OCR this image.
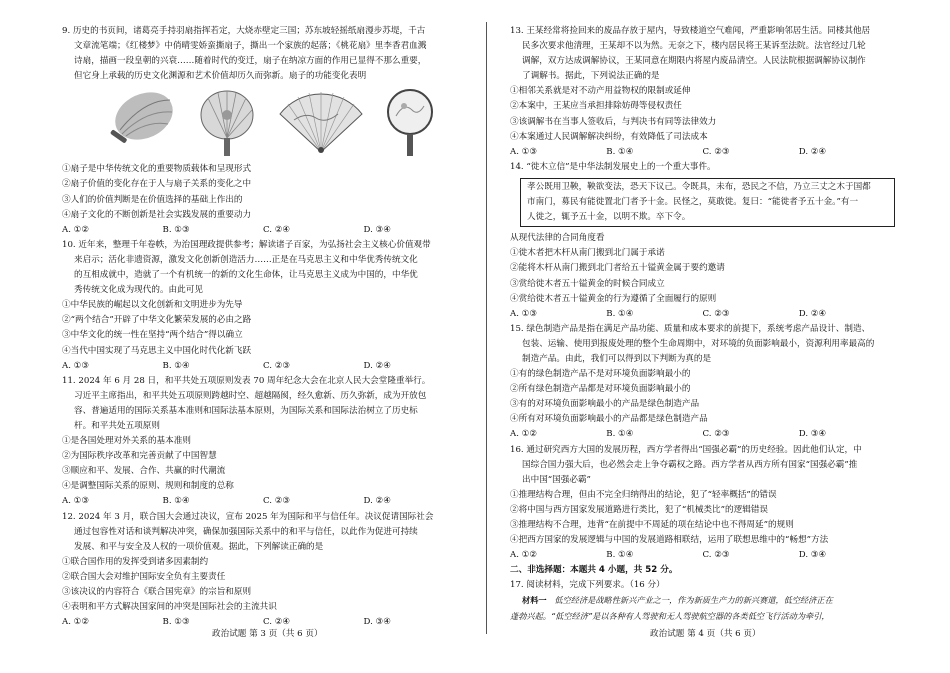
9. 历史的书页间，诸葛亮手持羽扇指挥若定，大烧赤壁定三国；苏东坡轻摇纸扇漫步苏堤，千古
文章流笔端；《红楼梦》中俏晴雯娇蛮撕扇子，撕出一个家族的起落；《桃花扇》里李香君血溅
诗扇，描画一段皇朝的兴衰……随着时代的变迁，扇子在纳凉方面的作用已显得不那么重要，
但它身上承载的历史文化渊源和艺术价值却历久而弥新。扇子的功能变化表明
①扇子是中华传统文化的重要物质载体和呈现形式
②扇子价值的变化存在于人与扇子关系的变化之中
③人们的价值判断是在价值选择的基础上作出的
④扇子文化的不断创新是社会实践发展的重要动力
A. ①②	B. ①③	C. ②④	D. ③④
10. 近年来，整理千年卷帙，为治国理政提供参考；解读诸子百家，为弘扬社会主义核心价值观带
来启示；活化非遗资源，激发文化创新创造活力……正是在马克思主义和中华优秀传统文化
的互相成就中，造就了一个有机统一的新的文化生命体，让马克思主义成为中国的，中华优
秀传统文化成为现代的。由此可见
①中华民族的崛起以文化创新和文明进步为先导
②“两个结合”开辟了中华文化繁荣发展的必由之路
③中华文化的统一性在坚持“两个结合”得以确立
④当代中国实现了马克思主义中国化时代化新飞跃
A. ①③	B. ①④	C. ②③	D. ②④
11. 2024 年 6 月 28 日，和平共处五项原则发表 70 周年纪念大会在北京人民大会堂隆重举行。
习近平主席指出，和平共处五项原则跨越时空、超越隔阂，经久愈新、历久弥新，成为开放包
容、普遍适用的国际关系基本准则和国际法基本原则，为国际关系和国际法治树立了历史标
杆。和平共处五项原则
①是各国处理对外关系的基本准则
②为国际秩序改革和完善贡献了中国智慧
③顺应和平、发展、合作、共赢的时代潮流
④是调整国际关系的原则、规则和制度的总称
A. ①③	B. ①④	C. ②③	D. ②④
12. 2024 年 3 月，联合国大会通过决议，宣布 2025 年为国际和平与信任年。决议促请国际社会
通过包容性对话和谈判解决冲突，确保加强国际关系中的和平与信任，以此作为促进可持续
发展、和平与安全及人权的一项价值观。据此，下列解读正确的是
①联合国作用的发挥受到诸多因素制约
②联合国大会对维护国际安全负有主要责任
③该决议的内容符合《联合国宪章》的宗旨和原则
④表明和平方式解决国家间的冲突是国际社会的主流共识
A. ①②	B. ①③	C. ②④	D. ③④
13. 王某经常将捡回来的废品存放于屋内，导致楼道空气难闻，严重影响邻居生活。同楼其他居
民多次要求他清理，王某却不以为然。无奈之下，楼内居民将王某诉至法院。法官经过几轮
调解，双方达成调解协议，王某同意在期限内将屋内废品清空。人民法院根据调解协议制作
了调解书。据此，下列说法正确的是
①相邻关系就是对不动产用益物权的限制或延伸
②本案中，王某应当承担排除妨碍等侵权责任
③该调解书在当事人签收后，与判决书有同等法律效力
④本案通过人民调解解决纠纷，有效降低了司法成本
A. ①③	B. ①④	C. ②③	D. ②④
14. “徙木立信”是中华法制发展史上的一个重大事件。
孝公既用卫鞅，鞅欲变法，恐天下议己。令既具，未布，恐民之不信，乃立三丈之木于国都
市南门，募民有能徙置北门者予十金。民怪之，莫敢徙。复曰：“能徙者予五十金。”有一
人徙之，辄予五十金，以明不欺。卒下令。
从现代法律的合同角度看
①徙木者把木杆从南门搬到北门属于承诺
②能将木杆从南门搬到北门者给五十镒黄金属于要约邀请
③赏给徙木者五十镒黄金的时候合同成立
④赏给徙木者五十镒黄金的行为遵循了全面履行的原则
A. ①③	B. ①④	C. ②③	D. ②④
15. 绿色制造产品是指在满足产品功能、质量和成本要求的前提下，系统考虑产品设计、制造、
包装、运输、使用到报废处理的整个生命周期中，对环境的负面影响最小，资源利用率最高的
制造产品。由此，我们可以得到以下判断为真的是
①有的绿色制造产品不是对环境负面影响最小的
②所有绿色制造产品都是对环境负面影响最小的
③有的对环境负面影响最小的产品是绿色制造产品
④所有对环境负面影响最小的产品都是绿色制造产品
A. ①②	B. ①④	C. ②③	D. ③④
16. 通过研究西方大国的发展历程，西方学者得出“国强必霸”的历史经验。因此他们认定，中
国综合国力强大后，也必然会走上争夺霸权之路。西方学者从西方所有国家“国强必霸”推
出中国“国强必霸”
①推理结构合理，但由不完全归纳得出的结论，犯了“轻率概括”的错误
②将中国与西方国家发展道路进行类比，犯了“机械类比”的逻辑错误
③推理结构不合理，违背“在前提中不周延的项在结论中也不得周延”的规则
④把西方国家的发展逻辑与中国的发展道路相联结，运用了联想思维中的“畅想”方法
A. ①②	B. ①④	C. ②③	D. ③④
二、非选择题：本题共 4 小题，共 52 分。
17. 阅读材料，完成下列要求。（16 分）
材料一 低空经济是战略性新兴产业之一，作为新质生产力的新兴赛道，低空经济正在
蓬勃兴起。“低空经济”是以各种有人驾驶和无人驾驶航空器的各类低空飞行活动为牵引，
政治试题 第 3 页（共 6 页）	政治试题 第 4 页（共 6 页）
